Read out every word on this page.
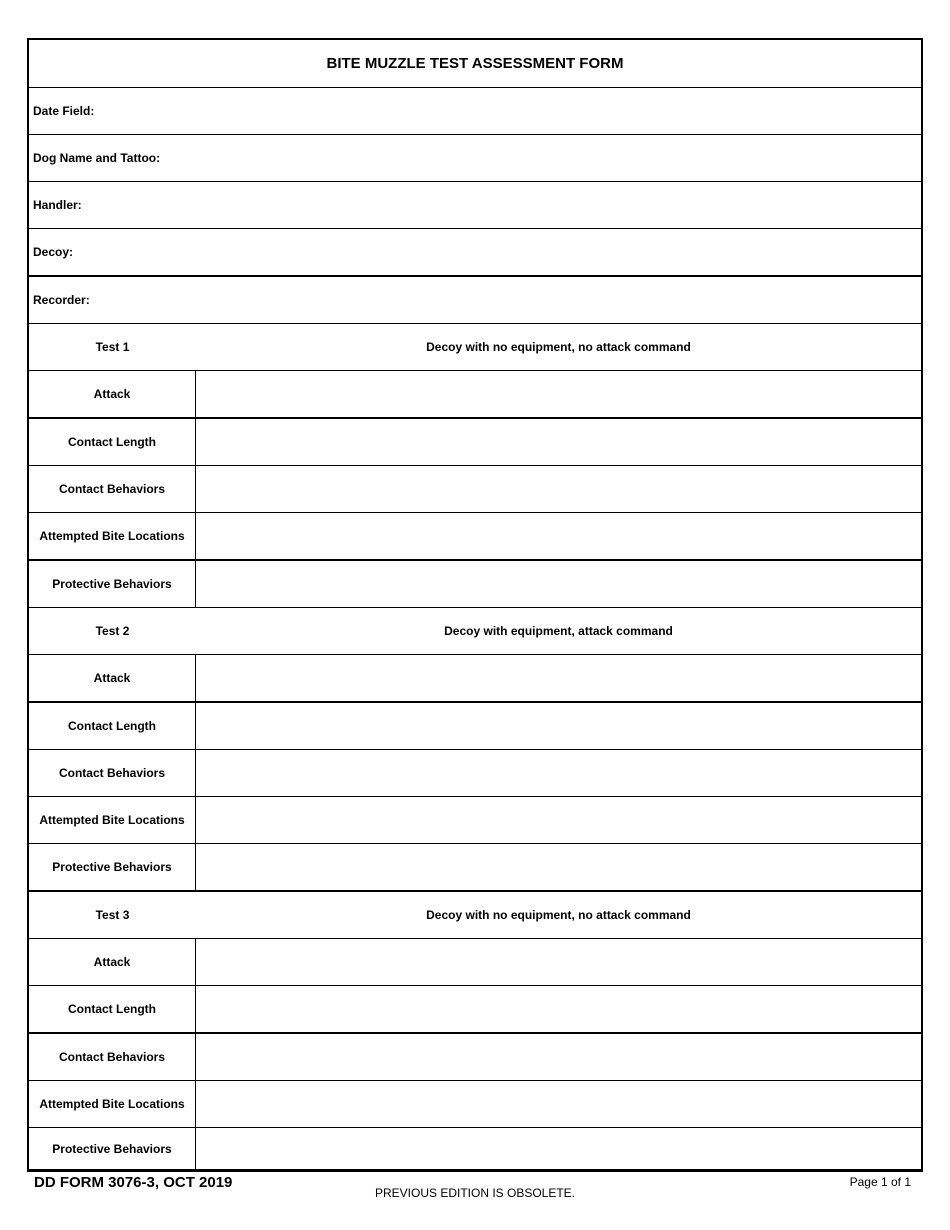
BITE MUZZLE TEST ASSESSMENT FORM
Date Field:
Dog Name and Tattoo:
Handler:
Decoy:
Recorder:
Test 1	Decoy with no equipment, no attack command
Attack
Contact Length
Contact Behaviors
Attempted Bite Locations
Protective Behaviors
Test 2	Decoy with equipment, attack command
Attack
Contact Length
Contact Behaviors
Attempted Bite Locations
Protective Behaviors
Test 3	Decoy with no equipment, no attack command
Attack
Contact Length
Contact Behaviors
Attempted Bite Locations
Protective Behaviors
DD FORM 3076-3, OCT 2019
PREVIOUS EDITION IS OBSOLETE.
Page 1 of 1
